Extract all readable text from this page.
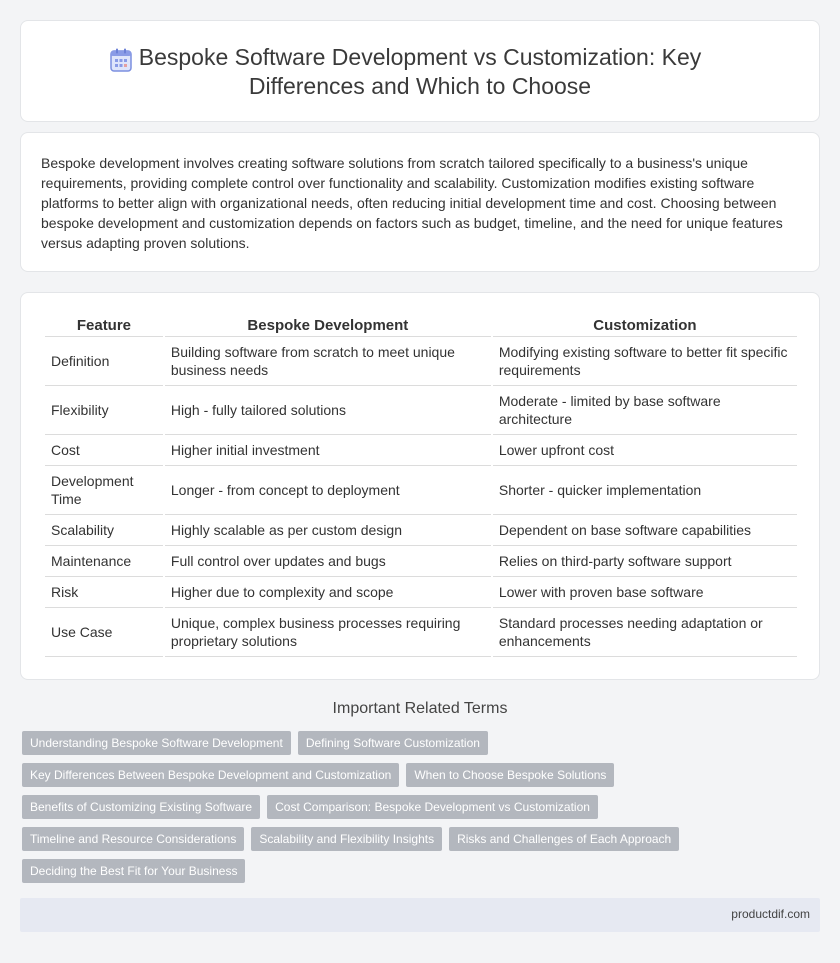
Bespoke Software Development vs Customization: Key Differences and Which to Choose

Bespoke development involves creating software solutions from scratch tailored specifically to a business's unique requirements, providing complete control over functionality and scalability. Customization modifies existing software platforms to better align with organizational needs, often reducing initial development time and cost. Choosing between bespoke development and customization depends on factors such as budget, timeline, and the need for unique features versus adapting proven solutions.

Feature	Bespoke Development	Customization
Definition	Building software from scratch to meet unique business needs	Modifying existing software to better fit specific requirements
Flexibility	High - fully tailored solutions	Moderate - limited by base software architecture
Cost	Higher initial investment	Lower upfront cost
Development Time	Longer - from concept to deployment	Shorter - quicker implementation
Scalability	Highly scalable as per custom design	Dependent on base software capabilities
Maintenance	Full control over updates and bugs	Relies on third-party software support
Risk	Higher due to complexity and scope	Lower with proven base software
Use Case	Unique, complex business processes requiring proprietary solutions	Standard processes needing adaptation or enhancements
Important Related Terms
Understanding Bespoke Software Development	Defining Software Customization
Key Differences Between Bespoke Development and Customization	When to Choose Bespoke Solutions
Benefits of Customizing Existing Software	Cost Comparison: Bespoke Development vs Customization
Timeline and Resource Considerations	Scalability and Flexibility Insights	Risks and Challenges of Each Approach
Deciding the Best Fit for Your Business
productdif.com
